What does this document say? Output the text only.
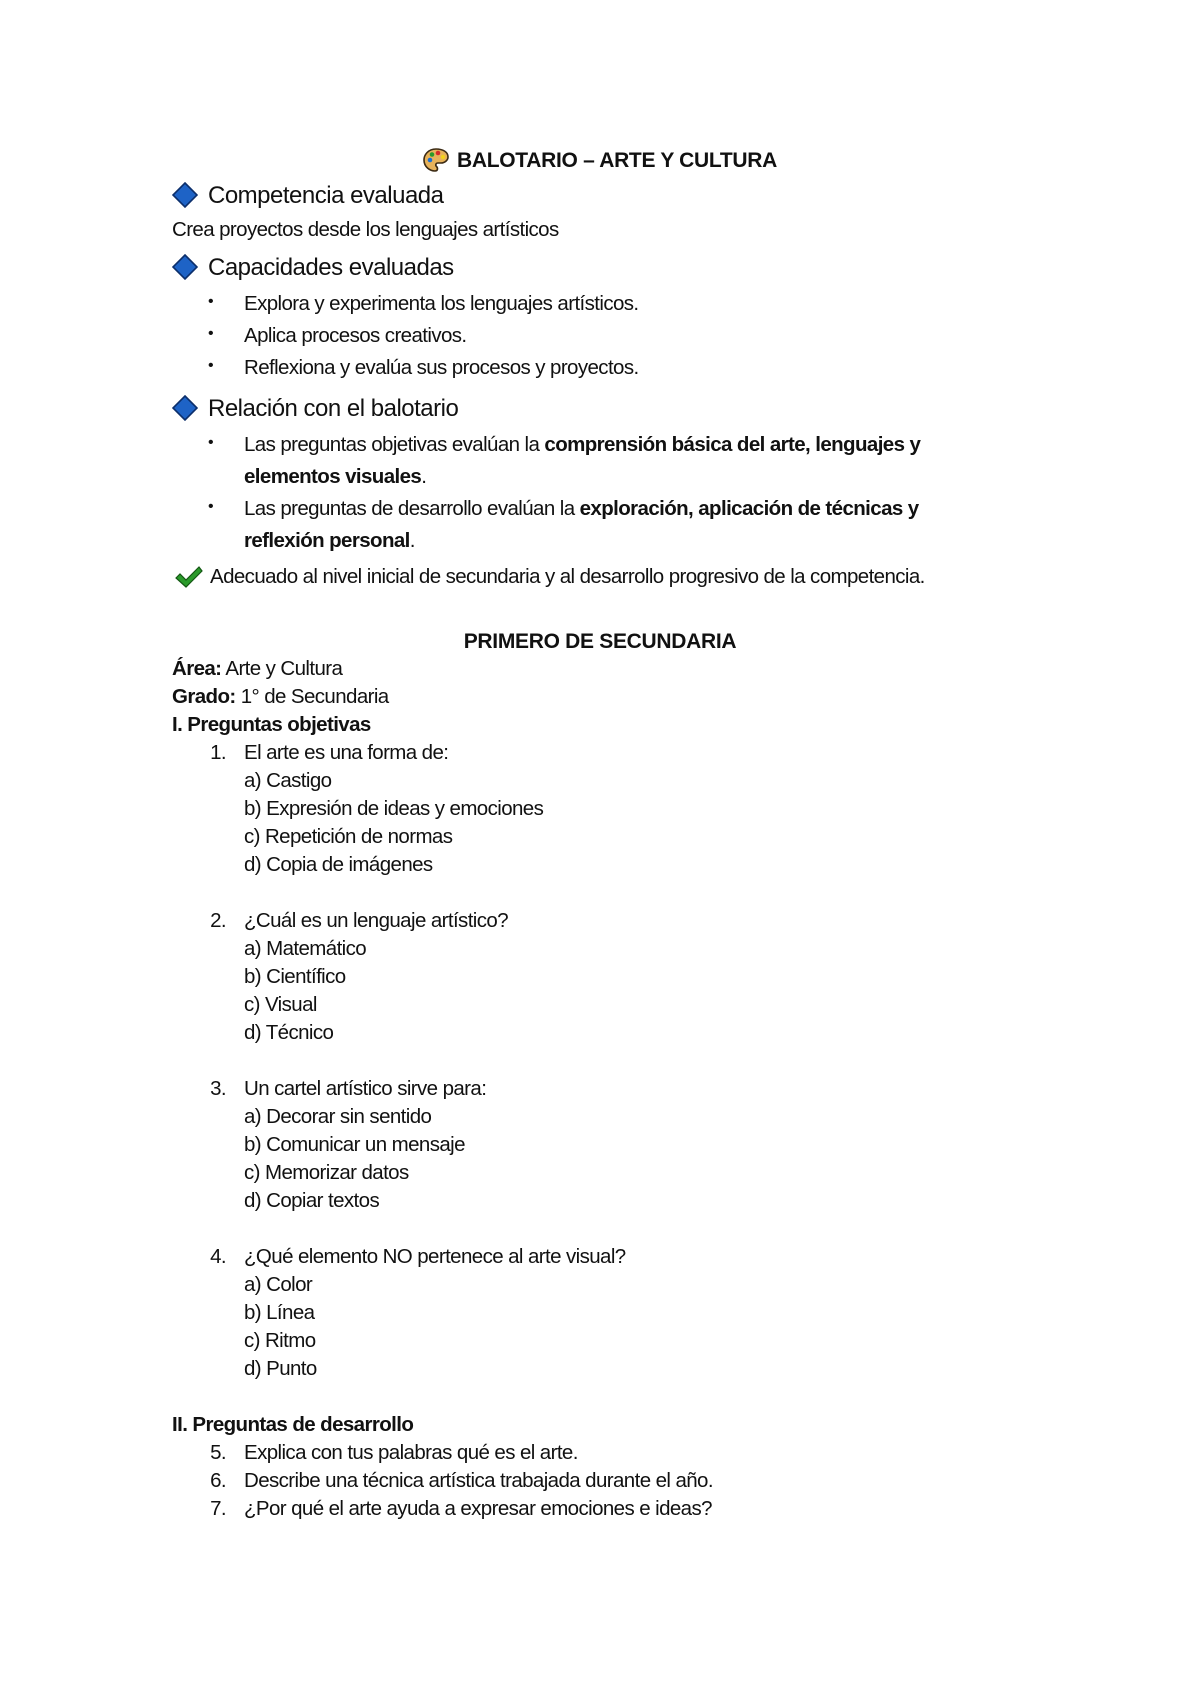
BALOTARIO – ARTE Y CULTURA
Competencia evaluada
Crea proyectos desde los lenguajes artísticos
Capacidades evaluadas
• Explora y experimenta los lenguajes artísticos.
• Aplica procesos creativos.
• Reflexiona y evalúa sus procesos y proyectos.
Relación con el balotario
• Las preguntas objetivas evalúan la comprensión básica del arte, lenguajes y
elementos visuales.
• Las preguntas de desarrollo evalúan la exploración, aplicación de técnicas y
reflexión personal.
Adecuado al nivel inicial de secundaria y al desarrollo progresivo de la competencia.
PRIMERO DE SECUNDARIA
Área: Arte y Cultura
Grado: 1° de Secundaria
I. Preguntas objetivas
1. El arte es una forma de:
a) Castigo
b) Expresión de ideas y emociones
c) Repetición de normas
d) Copia de imágenes
2. ¿Cuál es un lenguaje artístico?
a) Matemático
b) Científico
c) Visual
d) Técnico
3. Un cartel artístico sirve para:
a) Decorar sin sentido
b) Comunicar un mensaje
c) Memorizar datos
d) Copiar textos
4. ¿Qué elemento NO pertenece al arte visual?
a) Color
b) Línea
c) Ritmo
d) Punto
II. Preguntas de desarrollo
5. Explica con tus palabras qué es el arte.
6. Describe una técnica artística trabajada durante el año.
7. ¿Por qué el arte ayuda a expresar emociones e ideas?
